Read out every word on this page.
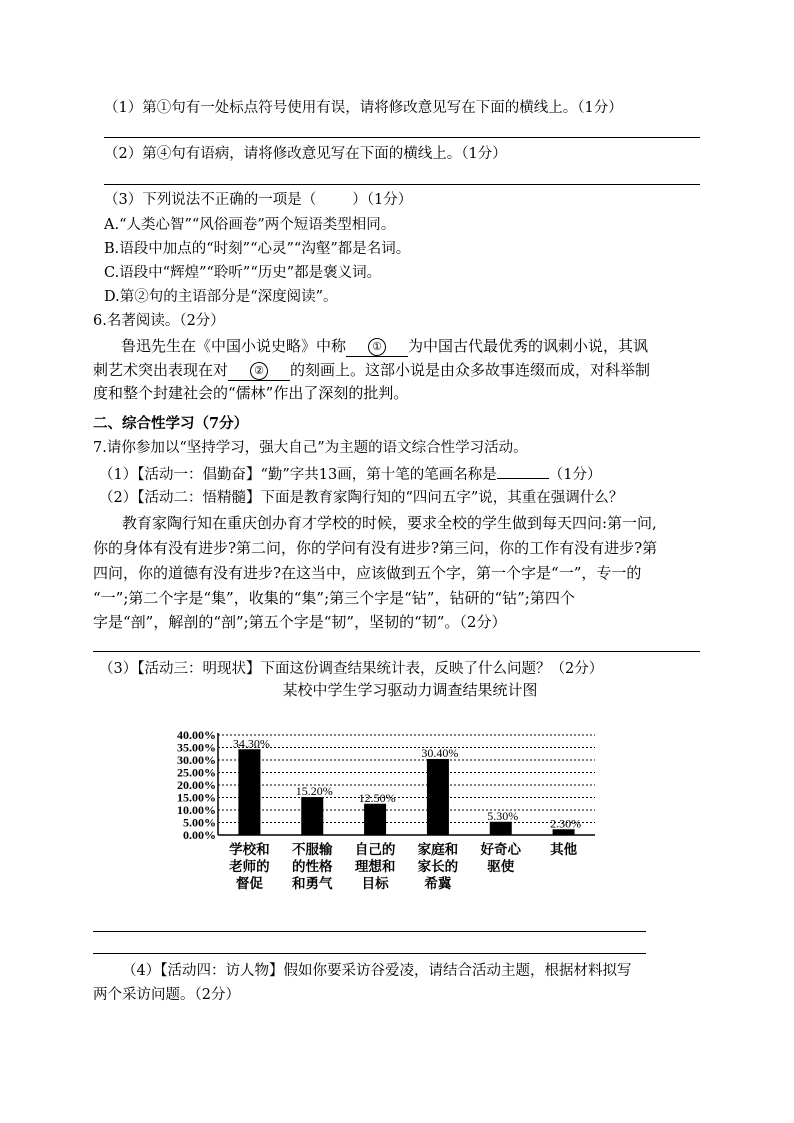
（1）第①句有一处标点符号使用有误，请将修改意见写在下面的横线上。（1分）
（2）第④句有语病，请将修改意见写在下面的横线上。（1分）
（3）下列说法不正确的一项是（ ）（1分）
A.“人类心智”“风俗画卷”两个短语类型相同。
B.语段中加点的“时刻”“心灵”“沟壑”都是名词。
C.语段中“辉煌”“聆听”“历史”都是褒义词。
D.第②句的主语部分是“深度阅读”。
6.名著阅读。（2分）
鲁迅先生在《中国小说史略》中称 ① 为中国古代最优秀的讽刺小说，其讽
刺艺术突出表现在对 ② 的刻画上。这部小说是由众多故事连缀而成，对科举制
度和整个封建社会的“儒林”作出了深刻的批判。
二、综合性学习（7分）
7.请你参加以“坚持学习，强大自己”为主题的语文综合性学习活动。
（1）【活动一：倡勤奋】“勤”字共13画，第十笔的笔画名称是	（1分）
（2）【活动二：悟精髓】下面是教育家陶行知的“四问五字”说，其重在强调什么？
教育家陶行知在重庆创办育才学校的时候，要求全校的学生做到每天四问:第一问,
你的身体有没有进步?第二问，你的学问有没有进步?第三问，你的工作有没有进步?第
四问，你的道德有没有进步?在这当中，应该做到五个字，第一个字是“一”，专一的
“一”;第二个字是“集”，收集的“集”;第三个字是“钻”，钻研的“钻”;第四个
字是“剖”，解剖的“剖”;第五个字是“韧”，坚韧的“韧”。（2分）
（3）【活动三：明现状】下面这份调查结果统计表，反映了什么问题？（2分）
某校中学生学习驱动力调查结果统计图
0.00%
5.00%
10.00%
15.00%
20.00%
25.00%
30.00%
35.00%
40.00%
34.30%
学校和
老师的
督促
15.20%
不服输
的性格
和勇气
12.50%
自己的
理想和
目标
30.40%
家庭和
家长的
希冀
5.30%
好奇心
驱使
2.30%
其他
（4）【活动四：访人物】假如你要采访谷爱凌，请结合活动主题，根据材料拟写
两个采访问题。（2分）
